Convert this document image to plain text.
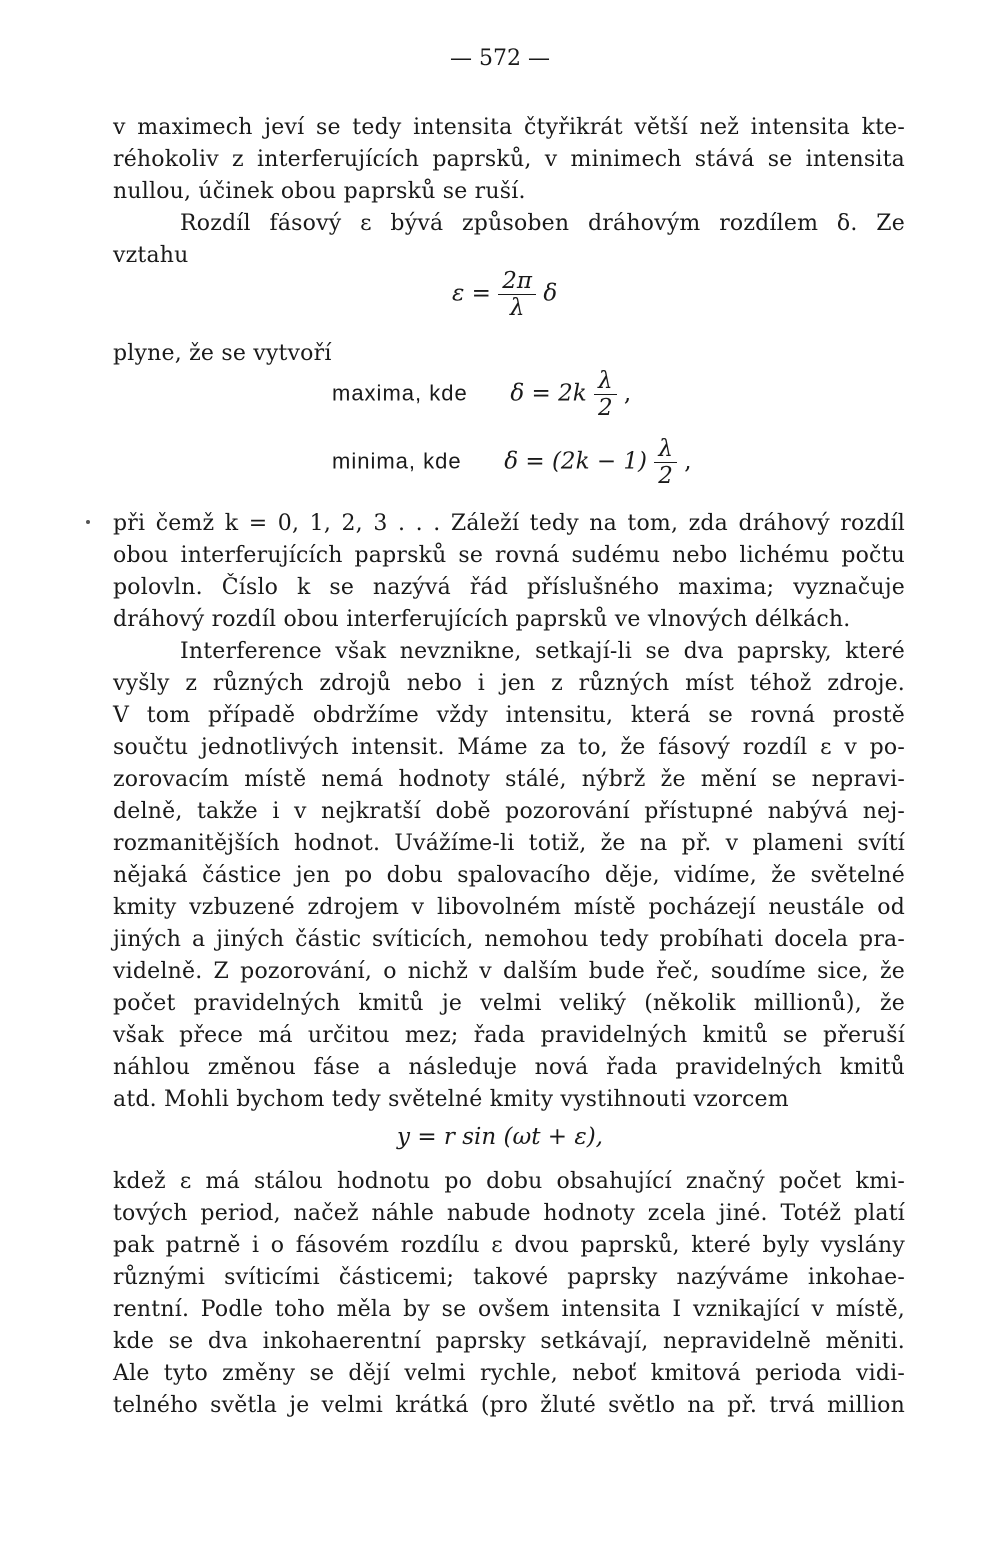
— 572 —
v maximech jeví se tedy intensita čtyřikrát větší než intensita kte-
réhokoliv z interferujících paprsků, v minimech stává se intensita
nullou, účinek obou paprsků se ruší.
Rozdíl fásový ε bývá způsoben dráhovým rozdílem δ. Ze
vztahu
$\varepsilon = \frac{2\pi}{\lambda}$ δ
plyne, že se vytvoří
maxima, kde $\delta = 2k \frac{\lambda}{2}$ ,
minima, kde $\delta = (2k - 1) \frac{\lambda}{2}$ ,
při čemž k = 0, 1, 2, 3 . . . Záleží tedy na tom, zda dráhový rozdíl
obou interferujících paprsků se rovná sudému nebo lichému počtu
polovln. Číslo k se nazývá řád příslušného maxima; vyznačuje
dráhový rozdíl obou interferujících paprsků ve vlnových délkách.
Interference však nevznikne, setkají-li se dva paprsky, které
vyšly z různých zdrojů nebo i jen z různých míst téhož zdroje.
V tom případě obdržíme vždy intensitu, která se rovná prostě
součtu jednotlivých intensit. Máme za to, že fásový rozdíl ε v po-
zorovacím místě nemá hodnoty stálé, nýbrž že mění se nepravi-
delně, takže i v nejkratší době pozorování přístupné nabývá nej-
rozmanitějších hodnot. Uvážíme-li totiž, že na př. v plameni svítí
nějaká částice jen po dobu spalovacího děje, vidíme, že světelné
kmity vzbuzené zdrojem v libovolném místě pocházejí neustále od
jiných a jiných částic svíticích, nemohou tedy probíhati docela pra-
videlně. Z pozorování, o nichž v dalším bude řeč, soudíme sice, že
počet pravidelných kmitů je velmi veliký (několik millionů), že
však přece má určitou mez; řada pravidelných kmitů se přeruší
náhlou změnou fáse a následuje nová řada pravidelných kmitů
atd. Mohli bychom tedy světelné kmity vystihnouti vzorcem
y = r sin (ωt + ε),
kdež ε má stálou hodnotu po dobu obsahující značný počet kmi-
tových period, načež náhle nabude hodnoty zcela jiné. Totéž platí
pak patrně i o fásovém rozdílu ε dvou paprsků, které byly vyslány
různými svíticími částicemi; takové paprsky nazýváme inkohae-
rentní. Podle toho měla by se ovšem intensita I vznikající v místě,
kde se dva inkohaerentní paprsky setkávají, nepravidelně měniti.
Ale tyto změny se dějí velmi rychle, neboť kmitová perioda vidi-
telného světla je velmi krátká (pro žluté světlo na př. trvá million
